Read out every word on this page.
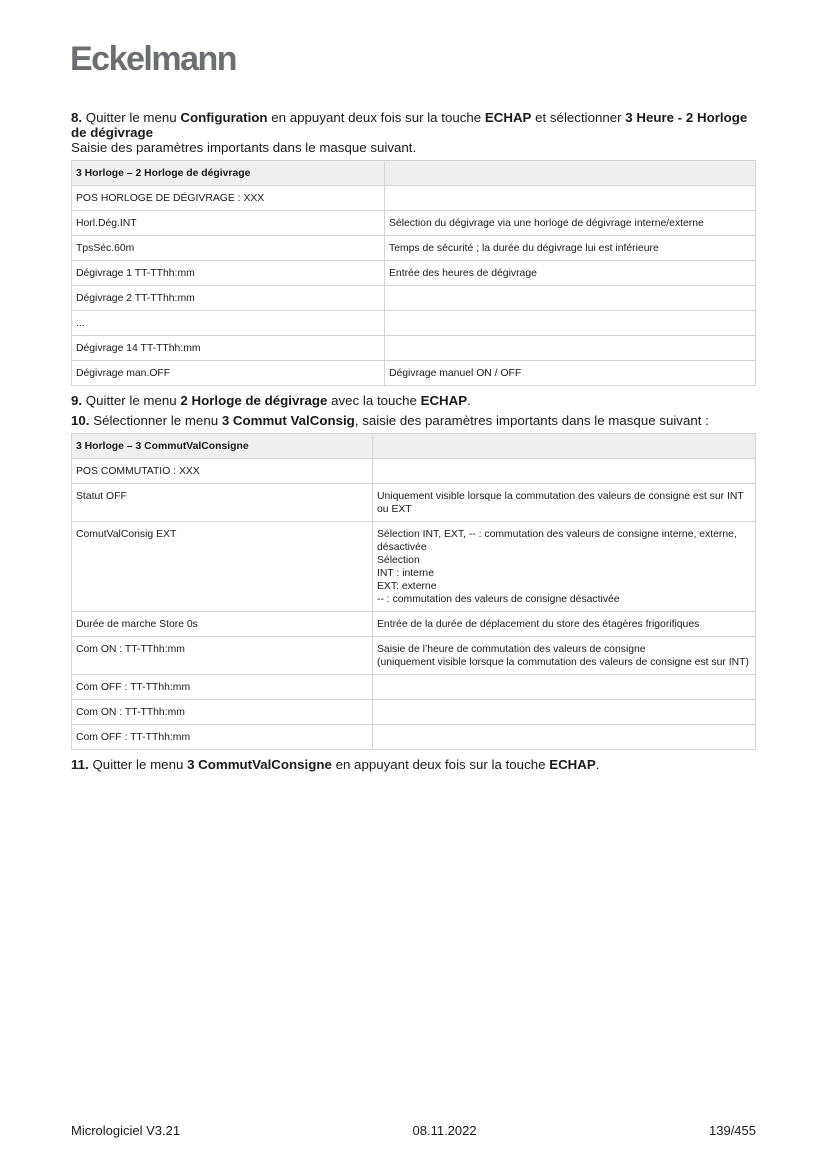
Eckelmann

8. Quitter le menu Configuration en appuyant deux fois sur la touche ECHAP et sélectionner 3 Heure - 2 Horloge de dégivrage

Saisie des paramètres importants dans le masque suivant.

3 Horloge – 2 Horloge de dégivrage	
POS HORLOGE DE DÉGIVRAGE : XXX	
Horl.Dég.INT	Sélection du dégivrage via une horloge de dégivrage interne/externe
TpsSéc.60m	Temps de sécurité ; la durée du dégivrage lui est inférieure
Dégivrage 1 TT-TThh:mm	Entrée des heures de dégivrage
Dégivrage 2 TT-TThh:mm	
...	
Dégivrage 14 TT-TThh:mm	
Dégivrage man.OFF	Dégivrage manuel ON / OFF

9. Quitter le menu 2 Horloge de dégivrage avec la touche ECHAP.

10. Sélectionner le menu 3 Commut ValConsig, saisie des paramètres importants dans le masque suivant :

3 Horloge – 3 CommutValConsigne	
POS COMMUTATIO : XXX	
Statut OFF	Uniquement visible lorsque la commutation des valeurs de consigne est sur INT ou EXT
ComutValConsig EXT	Sélection INT, EXT, -- : commutation des valeurs de consigne interne, externe, désactivée
Sélection
INT : interne
EXT: externe
-- : commutation des valeurs de consigne désactivée
Durée de marche Store 0s	Entrée de la durée de déplacement du store des étagères frigorifiques
Com ON : TT-TThh:mm	Saisie de l’heure de commutation des valeurs de consigne
(uniquement visible lorsque la commutation des valeurs de consigne est sur INT)
Com OFF : TT-TThh:mm	
Com ON : TT-TThh:mm	
Com OFF : TT-TThh:mm	

11. Quitter le menu 3 CommutValConsigne en appuyant deux fois sur la touche ECHAP.

Micrologiciel V3.21	08.11.2022	139/455
